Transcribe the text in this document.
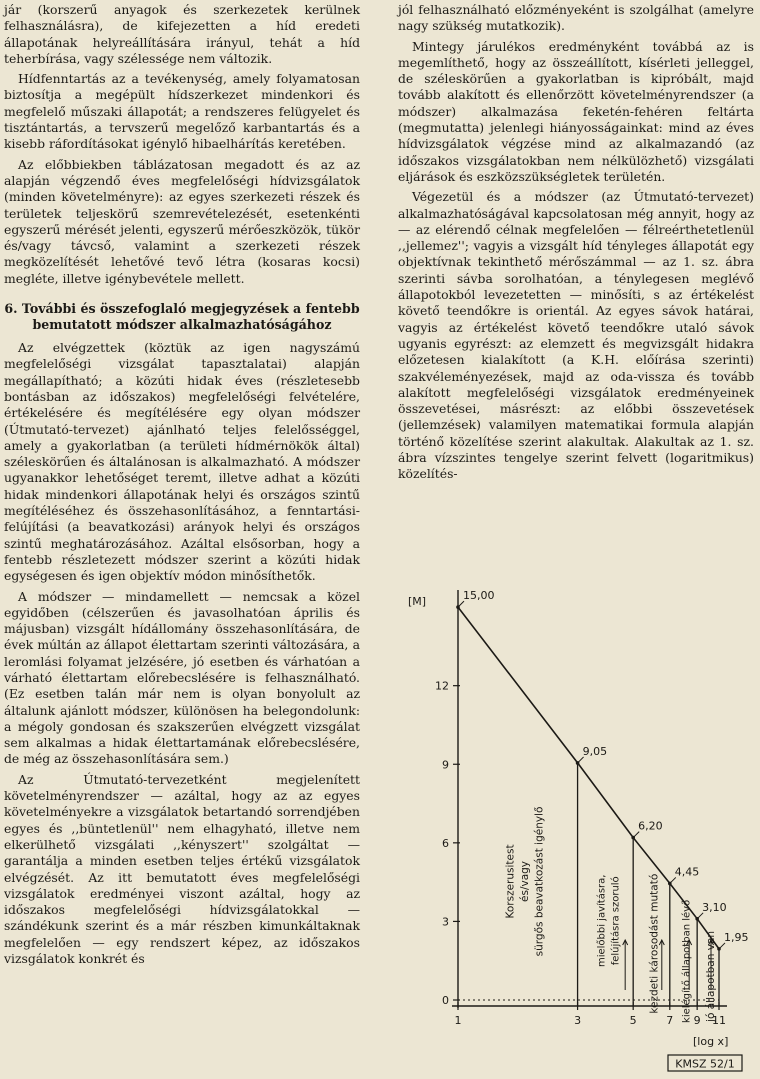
jár (korszerű anyagok és szerkezetek kerülnek felhasználásra), de kifejezetten a híd eredeti állapotának helyreállítására irányul, tehát a híd teherbírása, vagy szélessége nem változik.

Hídfenntartás az a tevékenység, amely folyamatosan biztosítja a megépült hídszerkezet mindenkori és megfelelő műszaki állapotát; a rendszeres felügyelet és tisztántartás, a tervszerű megelőző karbantartás és a kisebb ráfordításokat igénylő hibaelhárítás keretében.

Az előbbiekben táblázatosan megadott és az az alapján végzendő éves megfelelőségi hídvizsgálatok (minden követelményre): az egyes szerkezeti részek és területek teljeskörű szemrevételezését, esetenkénti egyszerű mérését jelenti, egyszerű mérőeszközök, tükör és/vagy távcső, valamint a szerkezeti részek megközelítését lehetővé tevő létra (kosaras kocsi) megléte, illetve igénybevétele mellett.

6. További és összefoglaló megjegyzések a fentebb bemutatott módszer alkalmazhatóságához

Az elvégzettek (köztük az igen nagyszámú megfelelőségi vizsgálat tapasztalatai) alapján megállapítható; a közúti hidak éves (részletesebb bontásban az időszakos) megfelelőségi felvételére, értékelésére és megítélésére egy olyan módszer (Útmutató-tervezet) ajánlható teljes felelősséggel, amely a gyakorlatban (a területi hídmérnökök által) széleskörűen és általánosan is alkalmazható. A módszer ugyanakkor lehetőséget teremt, illetve adhat a közúti hidak mindenkori állapotának helyi és országos szintű megítéléséhez és összehasonlításához, a fenntartási-felújítási (a beavatkozási) arányok helyi és országos szintű meghatározásához. Azáltal elsősorban, hogy a fentebb részletezett módszer szerint a közúti hidak egységesen és igen objektív módon minősíthetők.

A módszer — mindamellett — nemcsak a közel egyidőben (célszerűen és javasolhatóan április és májusban) vizsgált hídállomány összehasonlítására, de évek múltán az állapot élettartam szerinti változására, a leromlási folyamat jelzésére, jó esetben és várhatóan a várható élettartam előrebecslésére is felhasználható. (Ez esetben talán már nem is olyan bonyolult az általunk ajánlott módszer, különösen ha belegondolunk: a mégoly gondosan és szakszerűen elvégzett vizsgálat sem alkalmas a hidak élettartamának előrebecslésére, de még az összehasonlítására sem.)

Az Útmutató-tervezetként megjelenített követelményrendszer — azáltal, hogy az az egyes követelményekre a vizsgálatok betartandó sorrendjében egyes és ,,büntetlenül'' nem elhagyható, illetve nem elkerülhető vizsgálati ,,kényszert'' szolgáltat — garantálja a minden esetben teljes értékű vizsgálatok elvégzését. Az itt bemutatott éves megfelelőségi vizsgálatok eredményei viszont azáltal, hogy az időszakos megfelelőségi hídvizsgálatokkal — szándékunk szerint és a már részben kimunkáltaknak megfelelően — egy rendszert képez, az időszakos vizsgálatok konkrét és

jól felhasználható előzményeként is szolgálhat (amelyre nagy szükség mutatkozik).

Mintegy járulékos eredményként továbbá az is megemlíthető, hogy az összeállított, kísérleti jelleggel, de széleskörűen a gyakorlatban is kipróbált, majd tovább alakított és ellenőrzött követelményrendszer (a módszer) alkalmazása feketén-fehéren feltárta (megmutatta) jelenlegi hiányosságainkat: mind az éves hídvizsgálatok végzése mind az alkalmazandó (az időszakos vizsgálatokban nem nélkülözhető) vizsgálati eljárások és eszközszükségletek területén.

Végezetül és a módszer (az Útmutató-tervezet) alkalmazhatóságával kapcsolatosan még annyit, hogy az — az elérendő célnak megfelelően — félreérthetetlenül ,,jellemez''; vagyis a vizsgált híd tényleges állapotát egy objektívnak tekinthető mérőszámmal — az 1. sz. ábra szerinti sávba sorolhatóan, a ténylegesen meglévő állapotokból levezetetten — minősíti, s az értékelést követő teendőkre is orientál. Az egyes sávok határai, vagyis az értékelést követő teendőkre utaló sávok ugyanis egyrészt: az elemzett és megvizsgált hidakra előzetesen kialakított (a K.H. előírása szerinti) szakvéleményezések, majd az oda-vissza és tovább alakított megfelelőségi vizsgálatok eredményeinek összevetései, másrészt: az előbbi összevetések (jellemzések) valamilyen matematikai formula alapján történő közelítése szerint alakultak. Alakultak az 1. sz. ábra vízszintes tengelye szerint felvett (logaritmikus) közelítés-

[M]
[log x]
0
3
6
9
12
1	3	5	7 9 11
15,00
9,05
6,20
4,45
3,10
1,95
Korszerusitest és/vagy sürgős beavatkozást igénylő	mielőbbi javításra, felújításra szoruló	kezdeti károsodást mutató kielégítő állapotban lévő jó állapotban van
KMSZ 52/1
